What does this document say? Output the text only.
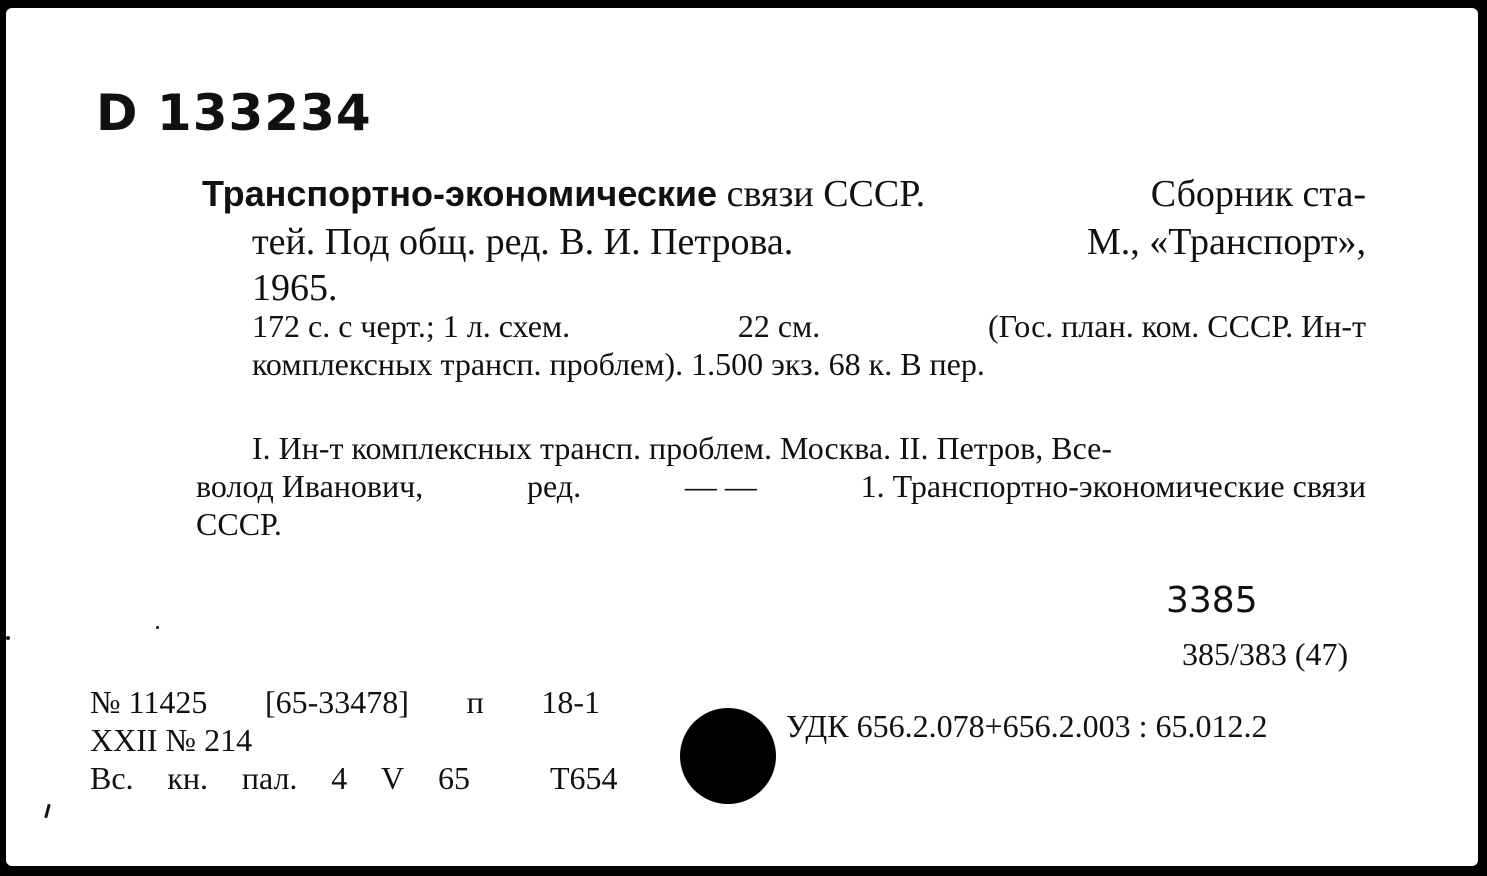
D 133234
Транспортно-экономические связи СССР.	Сборник ста-
тей. Под общ. ред. В. И. Петрова.	М., «Транспорт»,
1965.
172 с. с черт.; 1 л. схем.	22 см.	(Гос. план. ком. СССР. Ин-т
комплексных трансп. проблем). 1.500 экз. 68 к. В пер.
I. Ин-т комплексных трансп. проблем. Москва. II. Петров, Все-
волод Иванович,	ред.	— —	1. Транспортно-экономические связи
СССР.
3385
385/383 (47)
№ 11425 [65-33478] п 18-1
XXII № 214
Вс. кн. пал. 4 V 65	Т654
УДК 656.2.078+656.2.003 : 65.012.2
